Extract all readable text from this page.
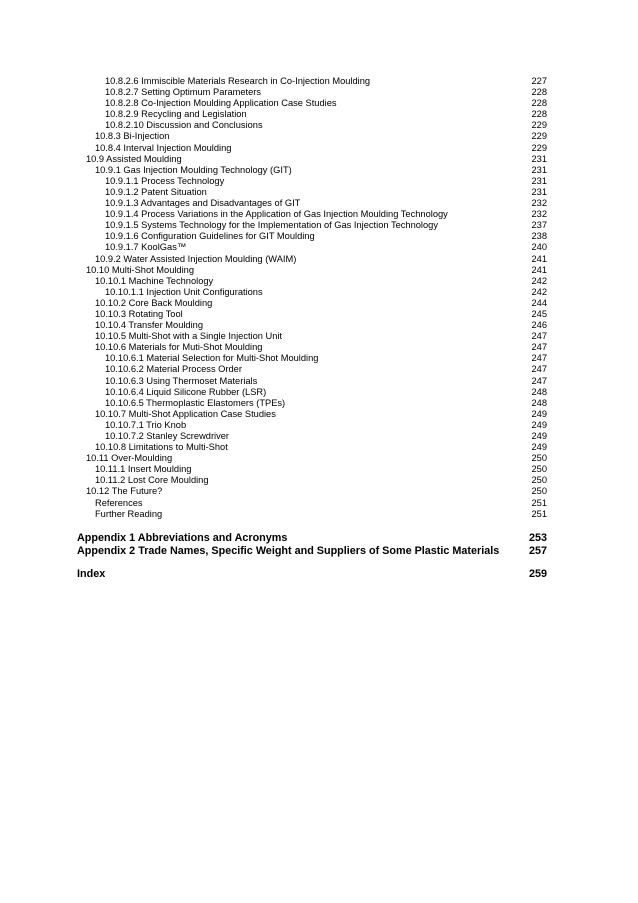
10.8.2.6 Immiscible Materials Research in Co-Injection Moulding	227
10.8.2.7 Setting Optimum Parameters	228
10.8.2.8 Co-Injection Moulding Application Case Studies	228
10.8.2.9 Recycling and Legislation	228
10.8.2.10 Discussion and Conclusions	229
10.8.3 Bi-Injection	229
10.8.4 Interval Injection Moulding	229
10.9 Assisted Moulding	231
10.9.1 Gas Injection Moulding Technology (GIT)	231
10.9.1.1 Process Technology	231
10.9.1.2 Patent Situation	231
10.9.1.3 Advantages and Disadvantages of GIT	232
10.9.1.4 Process Variations in the Application of Gas Injection Moulding Technology	232
10.9.1.5 Systems Technology for the Implementation of Gas Injection Technology	237
10.9.1.6 Configuration Guidelines for GIT Moulding	238
10.9.1.7 KoolGas™	240
10.9.2 Water Assisted Injection Moulding (WAIM)	241
10.10 Multi-Shot Moulding	241
10.10.1 Machine Technology	242
10.10.1.1 Injection Unit Configurations	242
10.10.2 Core Back Moulding	244
10.10.3 Rotating Tool	245
10.10.4 Transfer Moulding	246
10.10.5 Multi-Shot with a Single Injection Unit	247
10.10.6 Materials for Muti-Shot Moulding	247
10.10.6.1 Material Selection for Multi-Shot Moulding	247
10.10.6.2 Material Process Order	247
10.10.6.3 Using Thermoset Materials	247
10.10.6.4 Liquid Silicone Rubber (LSR)	248
10.10.6.5 Thermoplastic Elastomers (TPEs)	248
10.10.7 Multi-Shot Application Case Studies	249
10.10.7.1 Trio Knob	249
10.10.7.2 Stanley Screwdriver	249
10.10.8 Limitations to Multi-Shot	249
10.11 Over-Moulding	250
10.11.1 Insert Moulding	250
10.11.2 Lost Core Moulding	250
10.12 The Future?	250
References	251
Further Reading	251
Appendix 1 Abbreviations and Acronyms	253
Appendix 2 Trade Names, Specific Weight and Suppliers of Some Plastic Materials	257
Index	259
